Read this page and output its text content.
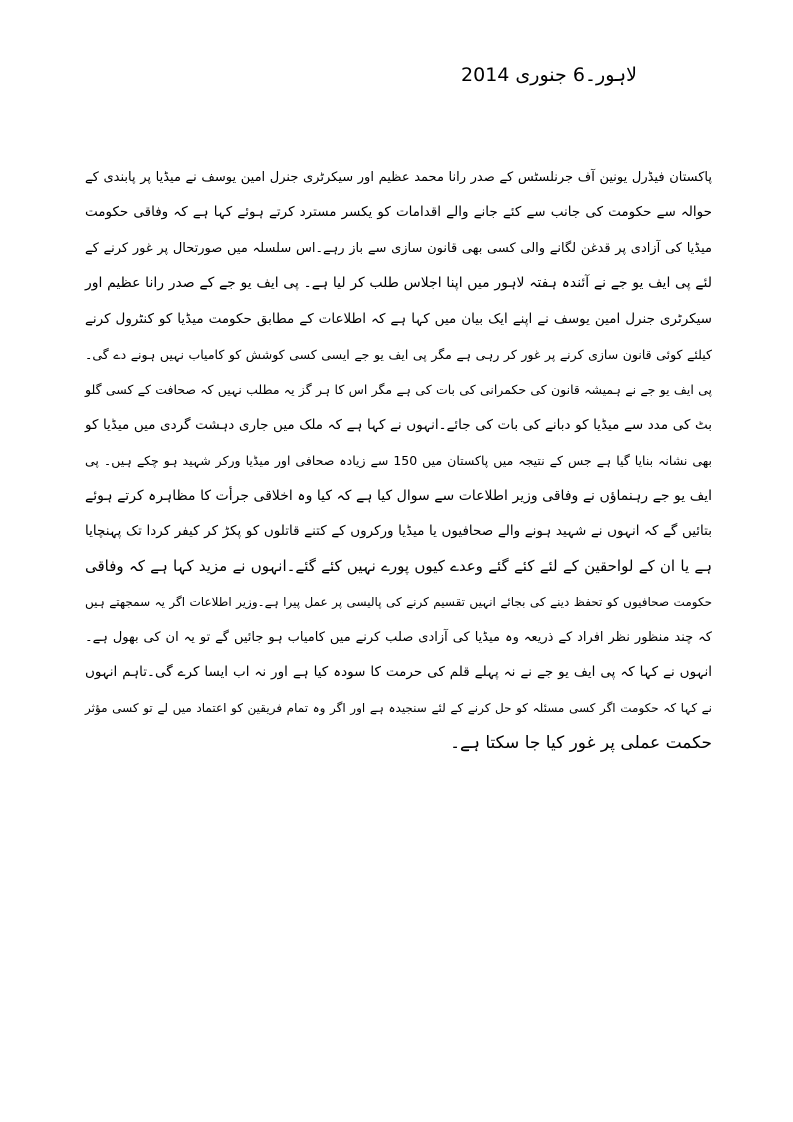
لاہور۔6 جنوری 2014
پاکستان فیڈرل یونین آف جرنلسٹس کے صدر رانا محمد عظیم اور سیکرٹری جنرل امین یوسف نے میڈیا پر پابندی کے
حوالہ سے حکومت کی جانب سے کئے جانے والے اقدامات کو یکسر مسترد کرتے ہوئے کہا ہے کہ وفاقی حکومت
میڈیا کی آزادی پر قدغن لگانے والی کسی بھی قانون سازی سے باز رہے۔اس سلسلہ میں صورتحال پر غور کرنے کے
لئے پی ایف یو جے نے آئندہ ہفتہ لاہور میں اپنا اجلاس طلب کر لیا ہے۔ پی ایف یو جے کے صدر رانا عظیم اور
سیکرٹری جنرل امین یوسف نے اپنے ایک بیان میں کہا ہے کہ اطلاعات کے مطابق حکومت میڈیا کو کنٹرول کرنے
کیلئے کوئی قانون سازی کرنے پر غور کر رہی ہے مگر پی ایف یو جے ایسی کسی کوشش کو کامیاب نہیں ہونے دے گی۔
پی ایف یو جے نے ہمیشہ قانون کی حکمرانی کی بات کی ہے مگر اس کا ہر گز یہ مطلب نہیں کہ صحافت کے کسی گلو
بٹ کی مدد سے میڈیا کو دبانے کی بات کی جائے۔انہوں نے کہا ہے کہ ملک میں جاری دہشت گردی میں میڈیا کو
بھی نشانہ بنایا گیا ہے جس کے نتیجہ میں پاکستان میں 150 سے زیادہ صحافی اور میڈیا ورکر شہید ہو چکے ہیں۔ پی
ایف یو جے رہنماؤں نے وفاقی وزیر اطلاعات سے سوال کیا ہے کہ کیا وہ اخلاقی جرأت کا مظاہرہ کرتے ہوئے
بتائیں گے کہ انہوں نے شہید ہونے والے صحافیوں یا میڈیا ورکروں کے کتنے قاتلوں کو پکڑ کر کیفر کردا تک پہنچایا
ہے یا ان کے لواحقین کے لئے کئے گئے وعدے کیوں پورے نہیں کئے گئے۔انہوں نے مزید کہا ہے کہ وفاقی
حکومت صحافیوں کو تحفظ دینے کی بجائے انہیں تقسیم کرنے کی پالیسی پر عمل پیرا ہے۔وزیر اطلاعات اگر یہ سمجھتے ہیں
کہ چند منظور نظر افراد کے ذریعہ وہ میڈیا کی آزادی صلب کرنے میں کامیاب ہو جائیں گے تو یہ ان کی بھول ہے۔
انہوں نے کہا کہ پی ایف یو جے نے نہ پہلے قلم کی حرمت کا سودہ کیا ہے اور نہ اب ایسا کرے گی۔تاہم انہوں
نے کہا کہ حکومت اگر کسی مسئلہ کو حل کرنے کے لئے سنجیدہ ہے اور اگر وہ تمام فریقین کو اعتماد میں لے تو کسی مؤثر
حکمت عملی پر غور کیا جا سکتا ہے۔
